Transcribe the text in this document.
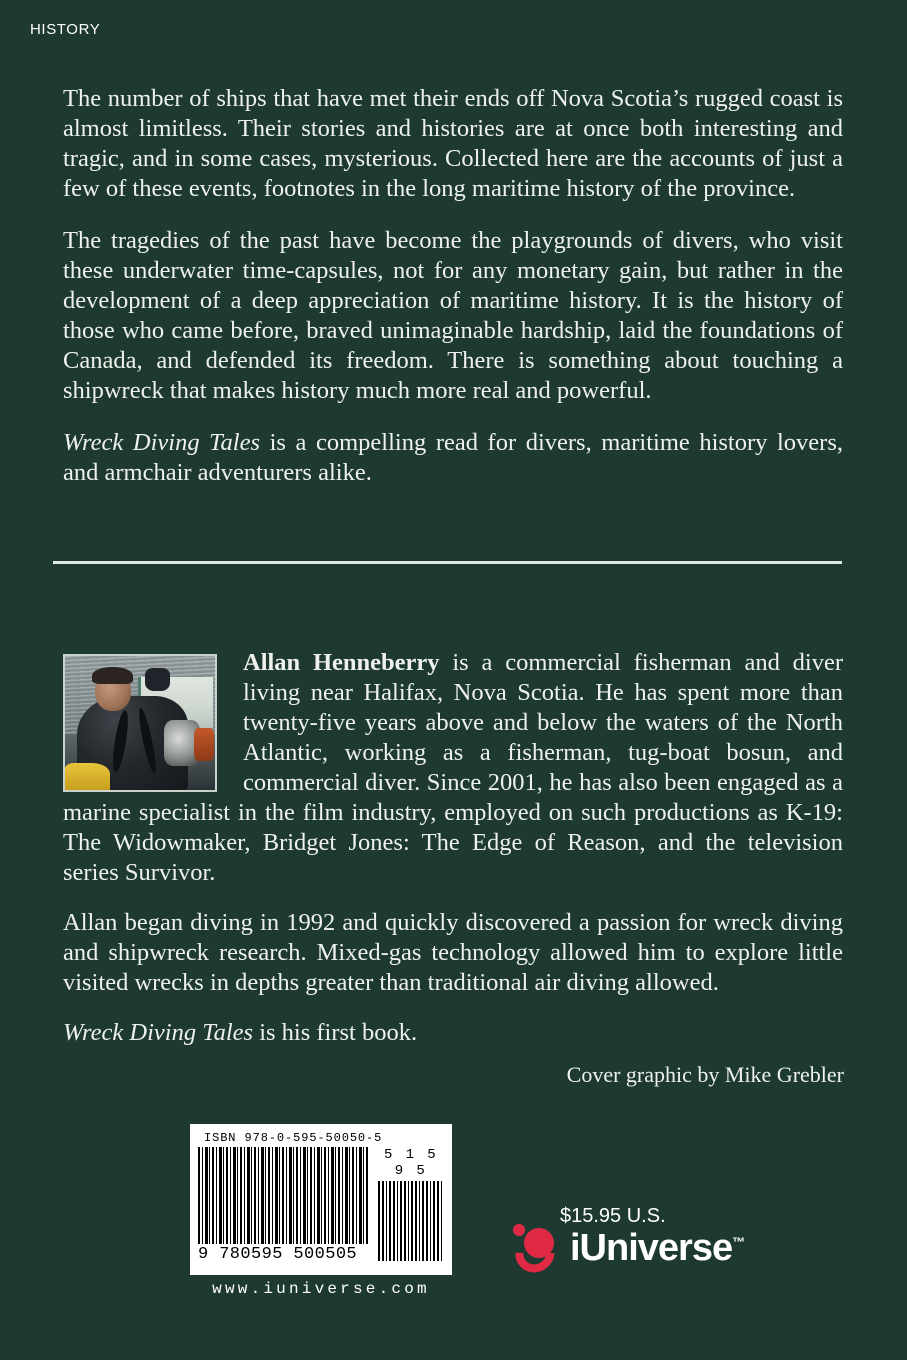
HISTORY

The number of ships that have met their ends off Nova Scotia’s rugged coast is almost limitless. Their stories and histories are at once both interesting and tragic, and in some cases, mysterious. Collected here are the accounts of just a few of these events, footnotes in the long maritime history of the province.

The tragedies of the past have become the playgrounds of divers, who visit these underwater time-capsules, not for any monetary gain, but rather in the development of a deep appreciation of maritime history. It is the history of those who came before, braved unimaginable hardship, laid the foundations of Canada, and defended its freedom. There is something about touching a shipwreck that makes history much more real and powerful.

Wreck Diving Tales is a compelling read for divers, maritime history lovers, and armchair adventurers alike.

Allan Henneberry is a commercial fisherman and diver living near Halifax, Nova Scotia. He has spent more than twenty-five years above and below the waters of the North Atlantic, working as a fisherman, tug-boat bosun, and commercial diver. Since 2001, he has also been engaged as a marine specialist in the film industry, employed on such productions as K-19: The Widowmaker, Bridget Jones: The Edge of Reason, and the television series Survivor.

Allan began diving in 1992 and quickly discovered a passion for wreck diving and shipwreck research. Mixed-gas technology allowed him to explore little visited wrecks in depths greater than traditional air diving allowed.

Wreck Diving Tales is his first book.

Cover graphic by Mike Grebler
ISBN 978-0-595-50050-5
9 780595 500505
5 1 5 9 5
www.iuniverse.com
$15.95 U.S.
iUniverse™
